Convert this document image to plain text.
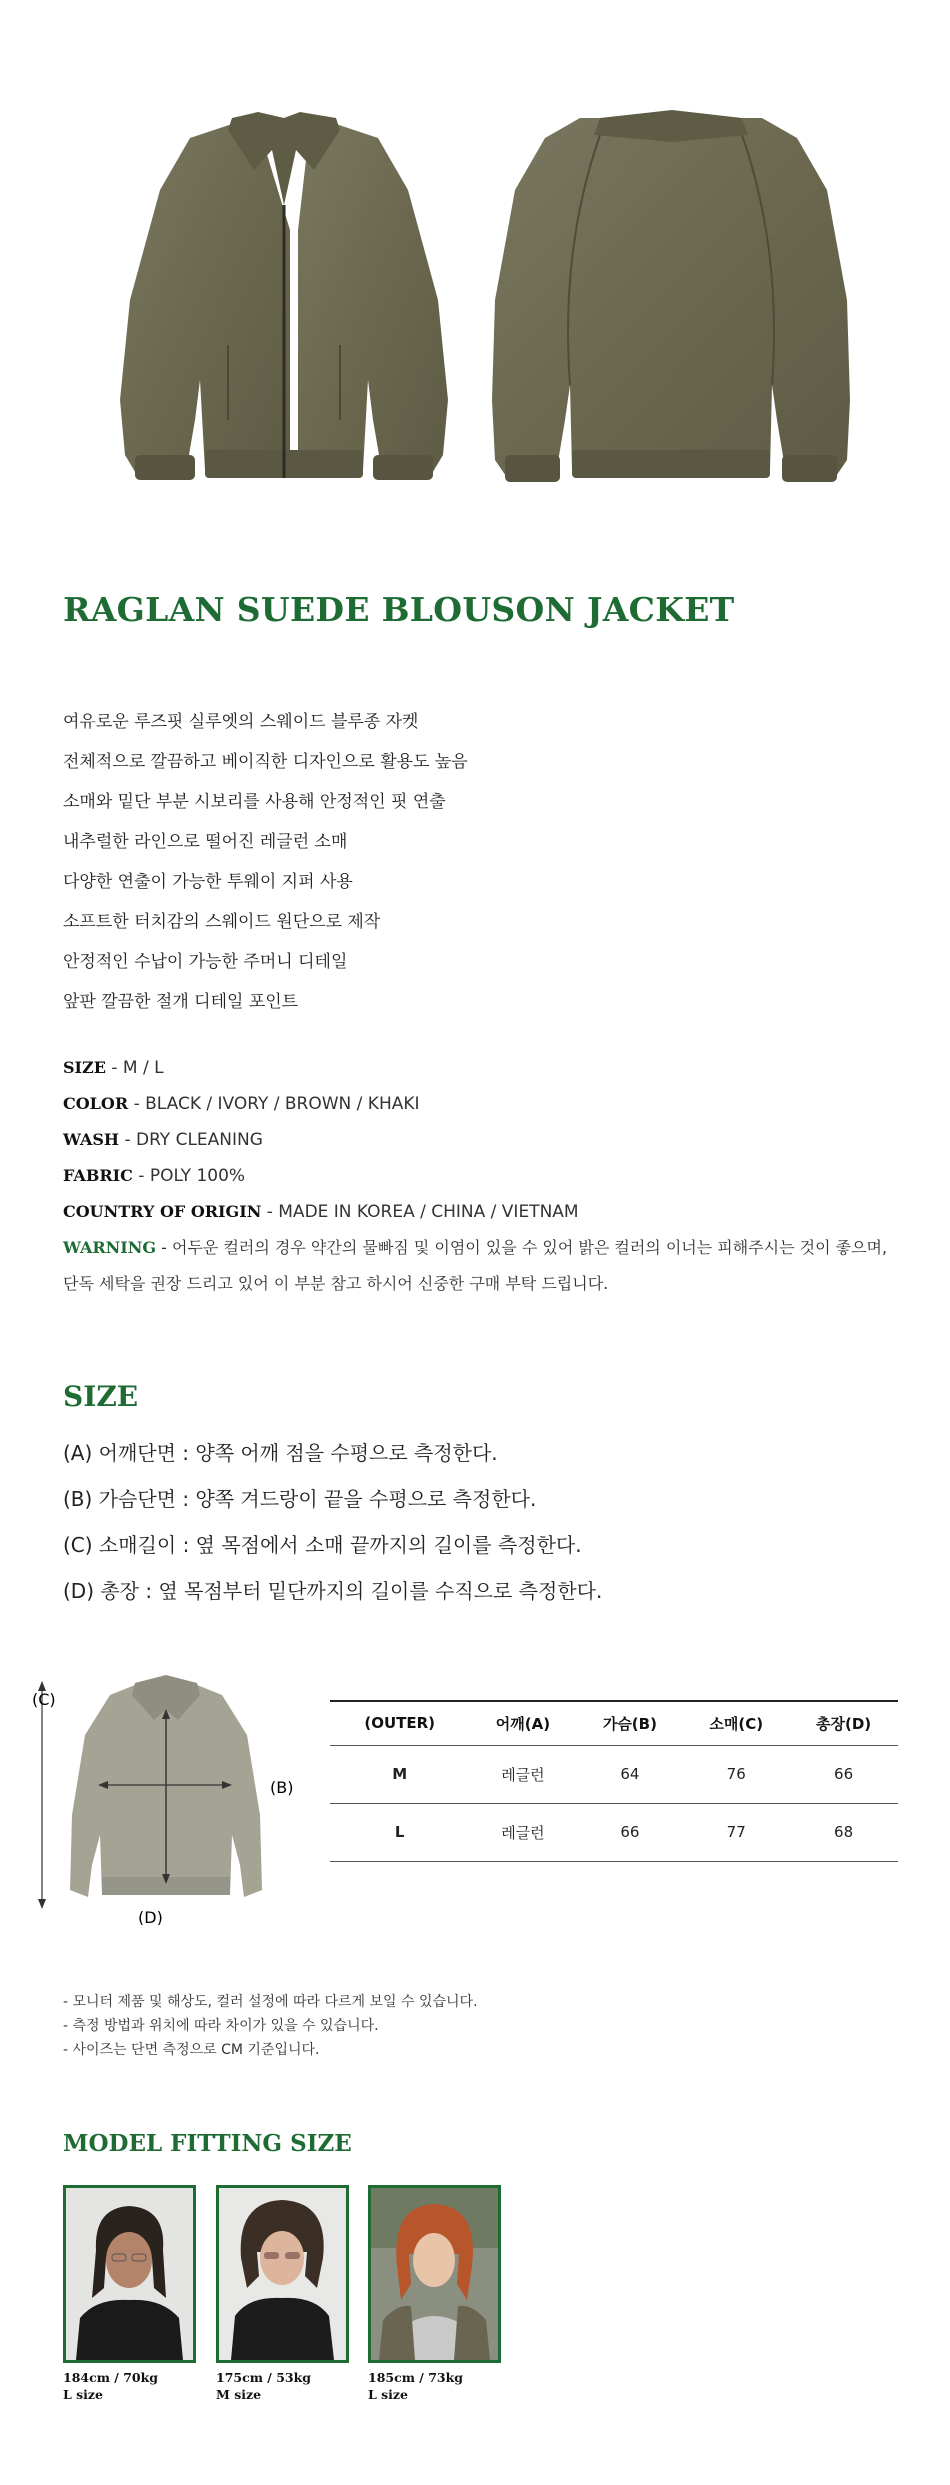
RAGLAN SUEDE BLOUSON JACKET
여유로운 루즈핏 실루엣의 스웨이드 블루종 자켓
전체적으로 깔끔하고 베이직한 디자인으로 활용도 높음
소매와 밑단 부분 시보리를 사용해 안정적인 핏 연출
내추럴한 라인으로 떨어진 레글런 소매
다양한 연출이 가능한 투웨이 지퍼 사용
소프트한 터치감의 스웨이드 원단으로 제작
안정적인 수납이 가능한 주머니 디테일
앞판 깔끔한 절개 디테일 포인트
SIZE - M / L
COLOR - BLACK / IVORY / BROWN / KHAKI
WASH - DRY CLEANING
FABRIC - POLY 100%
COUNTRY OF ORIGIN - MADE IN KOREA / CHINA / VIETNAM
WARNING - 어두운 컬러의 경우 약간의 물빠짐 및 이염이 있을 수 있어 밝은 컬러의 이너는 피해주시는 것이 좋으며, 단독 세탁을 권장 드리고 있어 이 부분 참고 하시어 신중한 구매 부탁 드립니다.
SIZE
(A) 어깨단면 : 양쪽 어깨 점을 수평으로 측정한다.
(B) 가슴단면 : 양쪽 겨드랑이 끝을 수평으로 측정한다.
(C) 소매길이 : 옆 목점에서 소매 끝까지의 길이를 측정한다.
(D) 총장 : 옆 목점부터 밑단까지의 길이를 수직으로 측정한다.
(C)
(B)
(D)
(OUTER)	어깨(A)	가슴(B)	소매(C)	총장(D)
M	레글런	64	76	66
L	레글런	66	77	68
- 모니터 제품 및 해상도, 컬러 설정에 따라 다르게 보일 수 있습니다.
- 측정 방법과 위치에 따라 차이가 있을 수 있습니다.
- 사이즈는 단면 측정으로 CM 기준입니다.
MODEL FITTING SIZE
184cm / 70kg
L size
175cm / 53kg
M size
185cm / 73kg
L size
